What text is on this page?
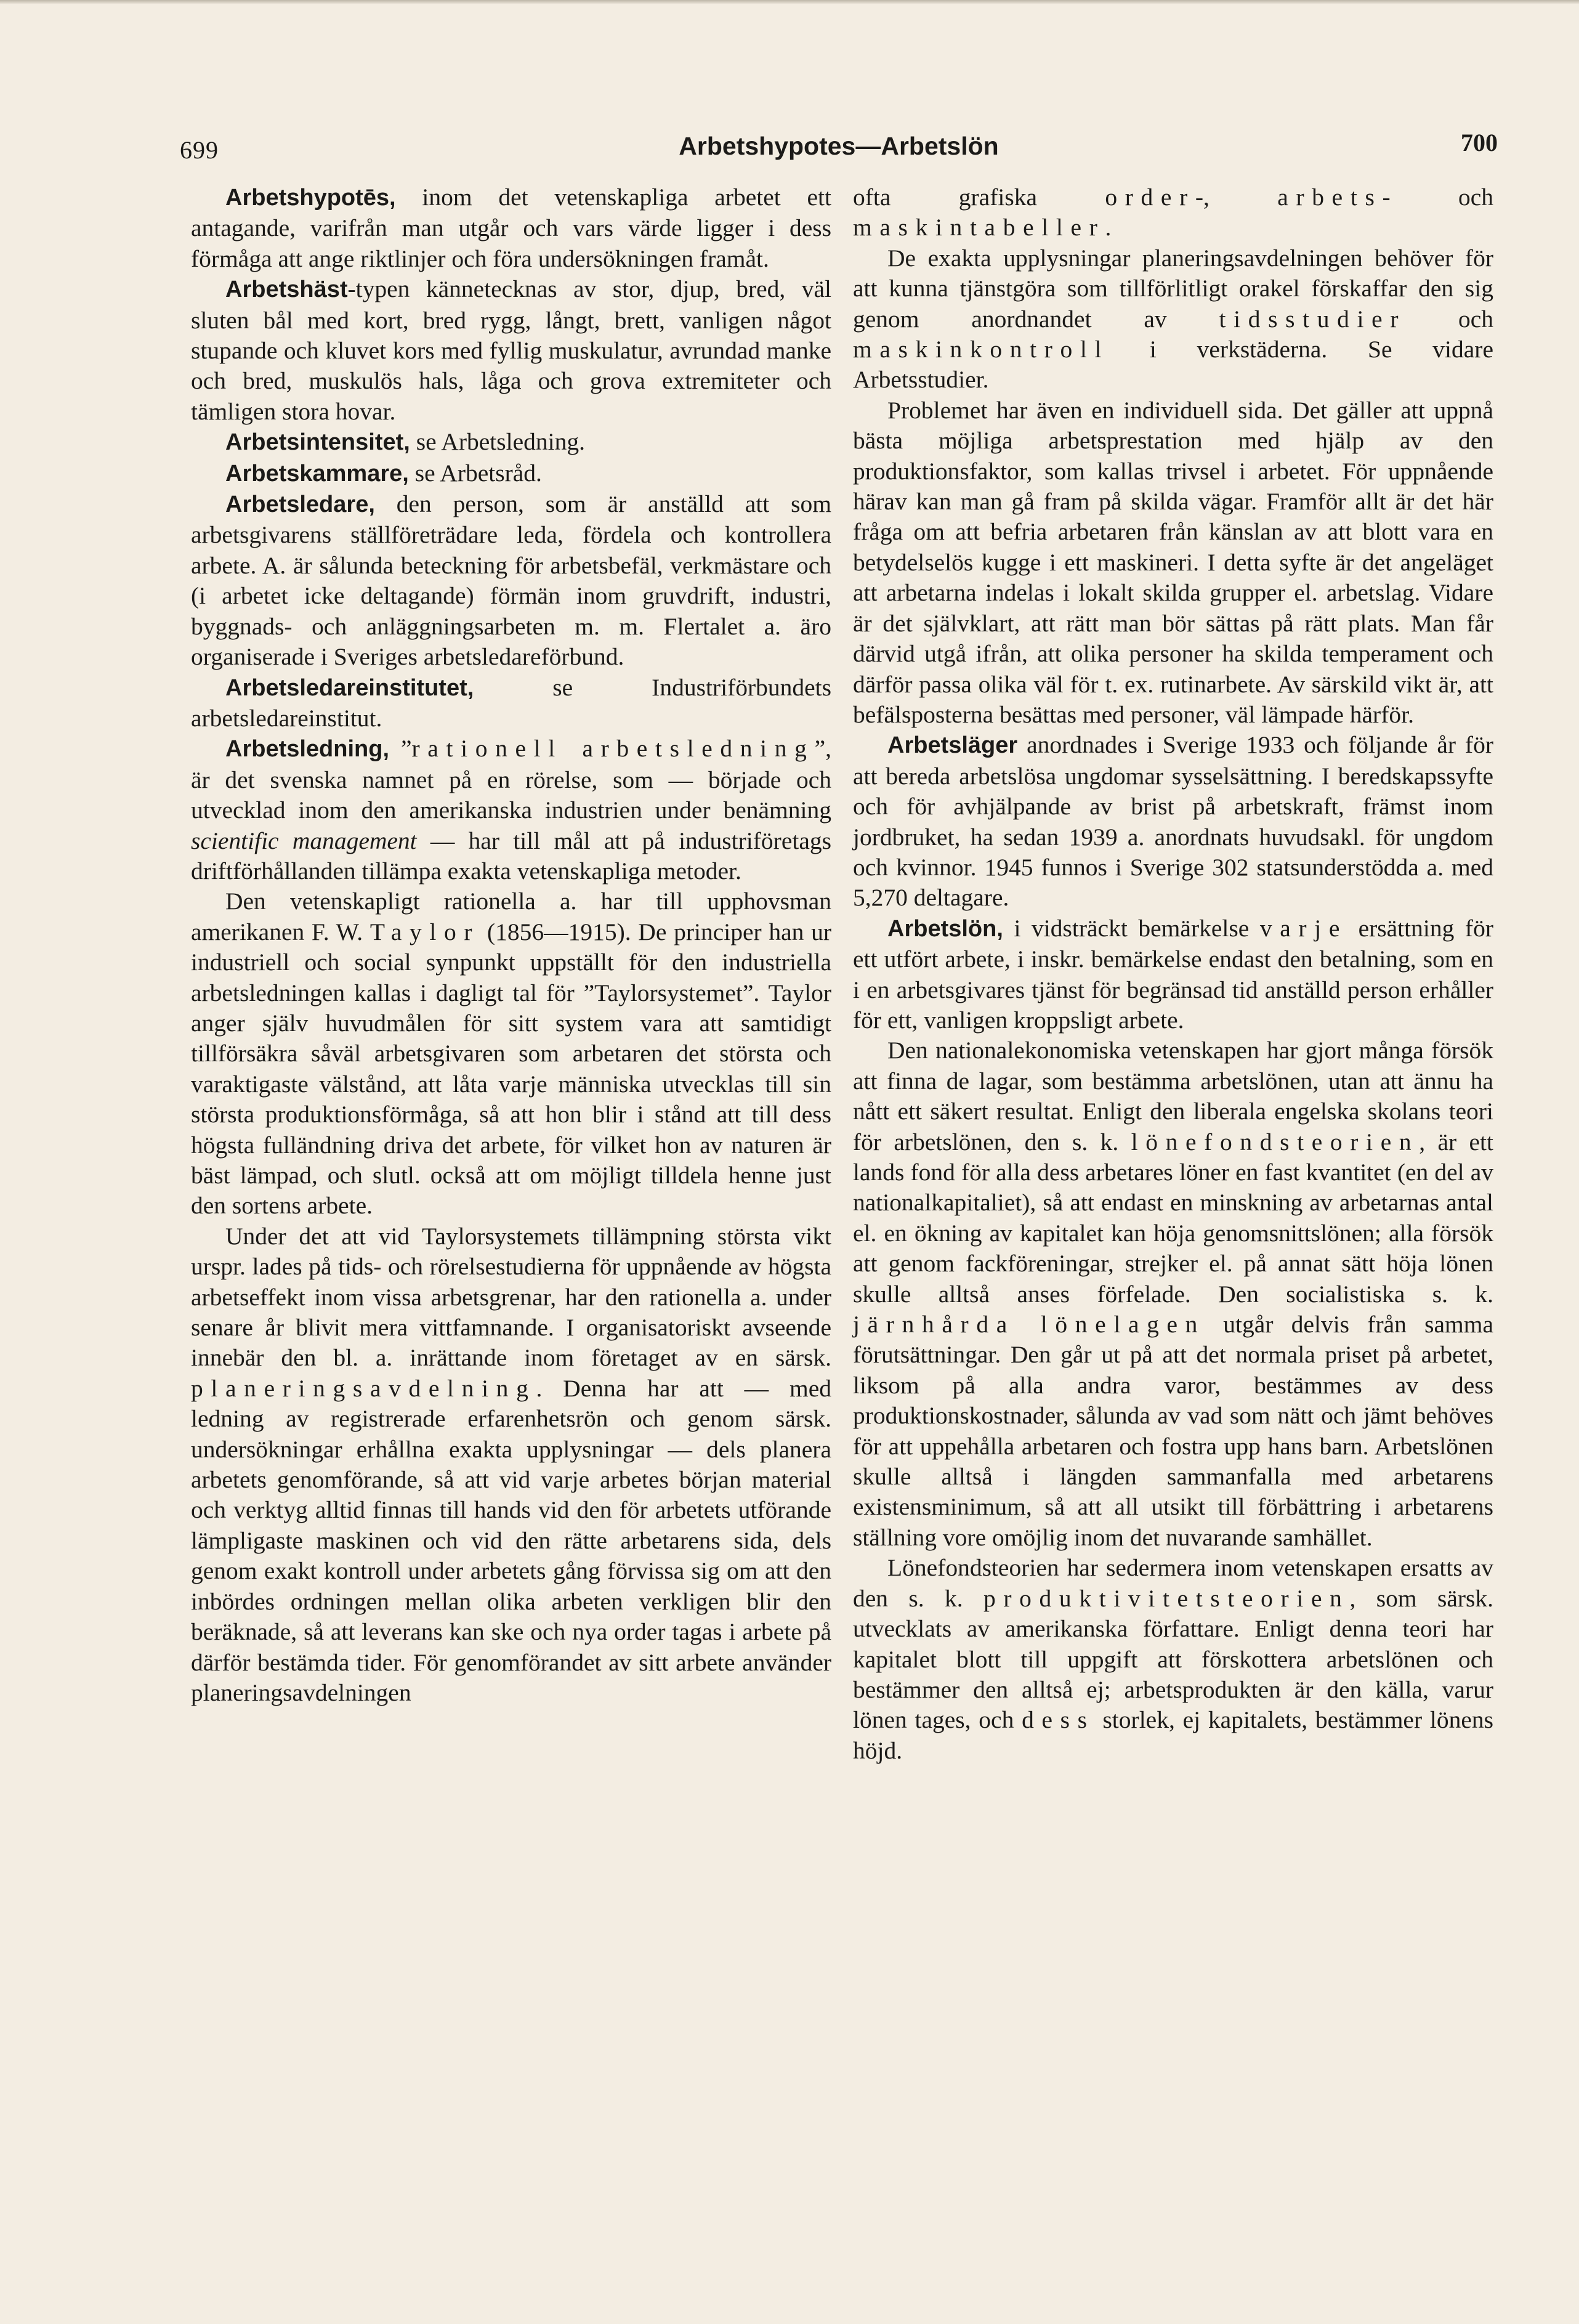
699	Arbetshypotes—Arbetslön	700

Arbetshypotēs, inom det vetenskapliga arbetet ett antagande, varifrån man utgår och vars värde ligger i dess förmåga att ange riktlinjer och föra undersökningen framåt.

Arbetshäst-typen kännetecknas av stor, djup, bred, väl sluten bål med kort, bred rygg, långt, brett, vanligen något stupande och kluvet kors med fyllig muskulatur, avrundad manke och bred, muskulös hals, låga och grova extremiteter och tämligen stora hovar.

Arbetsintensitet, se Arbetsledning.

Arbetskammare, se Arbetsråd.

Arbetsledare, den person, som är anställd att som arbetsgivarens ställföreträdare leda, fördela och kontrollera arbete. A. är sålunda beteckning för arbetsbefäl, verkmästare och (i arbetet icke deltagande) förmän inom gruvdrift, industri, byggnads- och anläggningsarbeten m. m. Flertalet a. äro organiserade i Sveriges arbetsledareförbund.

Arbetsledareinstitutet, se Industriförbundets arbetsledareinstitut.

Arbetsledning, ”rationell arbetsledning”, är det svenska namnet på en rörelse, som — började och utvecklad inom den amerikanska industrien under benämning scientific management — har till mål att på industriföretags driftförhållanden tillämpa exakta vetenskapliga metoder.

Den vetenskapligt rationella a. har till upphovsman amerikanen F. W. Taylor (1856—1915). De principer han ur industriell och social synpunkt uppställt för den industriella arbetsledningen kallas i dagligt tal för ”Taylorsystemet”. Taylor anger själv huvudmålen för sitt system vara att samtidigt tillförsäkra såväl arbetsgivaren som arbetaren det största och varaktigaste välstånd, att låta varje människa utvecklas till sin största produktionsförmåga, så att hon blir i stånd att till dess högsta fulländning driva det arbete, för vilket hon av naturen är bäst lämpad, och slutl. också att om möjligt tilldela henne just den sortens arbete.

Under det att vid Taylorsystemets tillämpning största vikt urspr. lades på tids- och rörelsestudierna för uppnående av högsta arbetseffekt inom vissa arbetsgrenar, har den rationella a. under senare år blivit mera vittfamnande. I organisatoriskt avseende innebär den bl. a. inrättande inom företaget av en särsk. planeringsavdelning. Denna har att — med ledning av registrerade erfarenhetsrön och genom särsk. undersökningar erhållna exakta upplysningar — dels planera arbetets genomförande, så att vid varje arbetes början material och verktyg alltid finnas till hands vid den för arbetets utförande lämpligaste maskinen och vid den rätte arbetarens sida, dels genom exakt kontroll under arbetets gång förvissa sig om att den inbördes ordningen mellan olika arbeten verkligen blir den beräknade, så att leverans kan ske och nya order tagas i arbete på därför bestämda tider. För genomförandet av sitt arbete använder planeringsavdelningen

ofta grafiska order-, arbets- och maskintabeller.

De exakta upplysningar planeringsavdelningen behöver för att kunna tjänstgöra som tillförlitligt orakel förskaffar den sig genom anordnandet av tidsstudier och maskinkontroll i verkstäderna. Se vidare Arbetsstudier.

Problemet har även en individuell sida. Det gäller att uppnå bästa möjliga arbetsprestation med hjälp av den produktionsfaktor, som kallas trivsel i arbetet. För uppnående härav kan man gå fram på skilda vägar. Framför allt är det här fråga om att befria arbetaren från känslan av att blott vara en betydelselös kugge i ett maskineri. I detta syfte är det angeläget att arbetarna indelas i lokalt skilda grupper el. arbetslag. Vidare är det självklart, att rätt man bör sättas på rätt plats. Man får därvid utgå ifrån, att olika personer ha skilda temperament och därför passa olika väl för t. ex. rutinarbete. Av särskild vikt är, att befälsposterna besättas med personer, väl lämpade härför.

Arbetsläger anordnades i Sverige 1933 och följande år för att bereda arbetslösa ungdomar sysselsättning. I beredskapssyfte och för avhjälpande av brist på arbetskraft, främst inom jordbruket, ha sedan 1939 a. anordnats huvudsakl. för ungdom och kvinnor. 1945 funnos i Sverige 302 statsunderstödda a. med 5,270 deltagare.

Arbetslön, i vidsträckt bemärkelse varje ersättning för ett utfört arbete, i inskr. bemärkelse endast den betalning, som en i en arbetsgivares tjänst för begränsad tid anställd person erhåller för ett, vanligen kroppsligt arbete.

Den nationalekonomiska vetenskapen har gjort många försök att finna de lagar, som bestämma arbetslönen, utan att ännu ha nått ett säkert resultat. Enligt den liberala engelska skolans teori för arbetslönen, den s. k. lönefondsteorien, är ett lands fond för alla dess arbetares löner en fast kvantitet (en del av nationalkapitaliet), så att endast en minskning av arbetarnas antal el. en ökning av kapitalet kan höja genomsnittslönen; alla försök att genom fackföreningar, strejker el. på annat sätt höja lönen skulle alltså anses förfelade. Den socialistiska s. k. järnhårda lönelagen utgår delvis från samma förutsättningar. Den går ut på att det normala priset på arbetet, liksom på alla andra varor, bestämmes av dess produktionskostnader, sålunda av vad som nätt och jämt behöves för att uppehålla arbetaren och fostra upp hans barn. Arbetslönen skulle alltså i längden sammanfalla med arbetarens existensminimum, så att all utsikt till förbättring i arbetarens ställning vore omöjlig inom det nuvarande samhället.

Lönefondsteorien har sedermera inom vetenskapen ersatts av den s. k. produktivitetsteorien, som särsk. utvecklats av amerikanska författare. Enligt denna teori har kapitalet blott till uppgift att förskottera arbetslönen och bestämmer den alltså ej; arbetsprodukten är den källa, varur lönen tages, och dess storlek, ej kapitalets, bestämmer lönens höjd.
